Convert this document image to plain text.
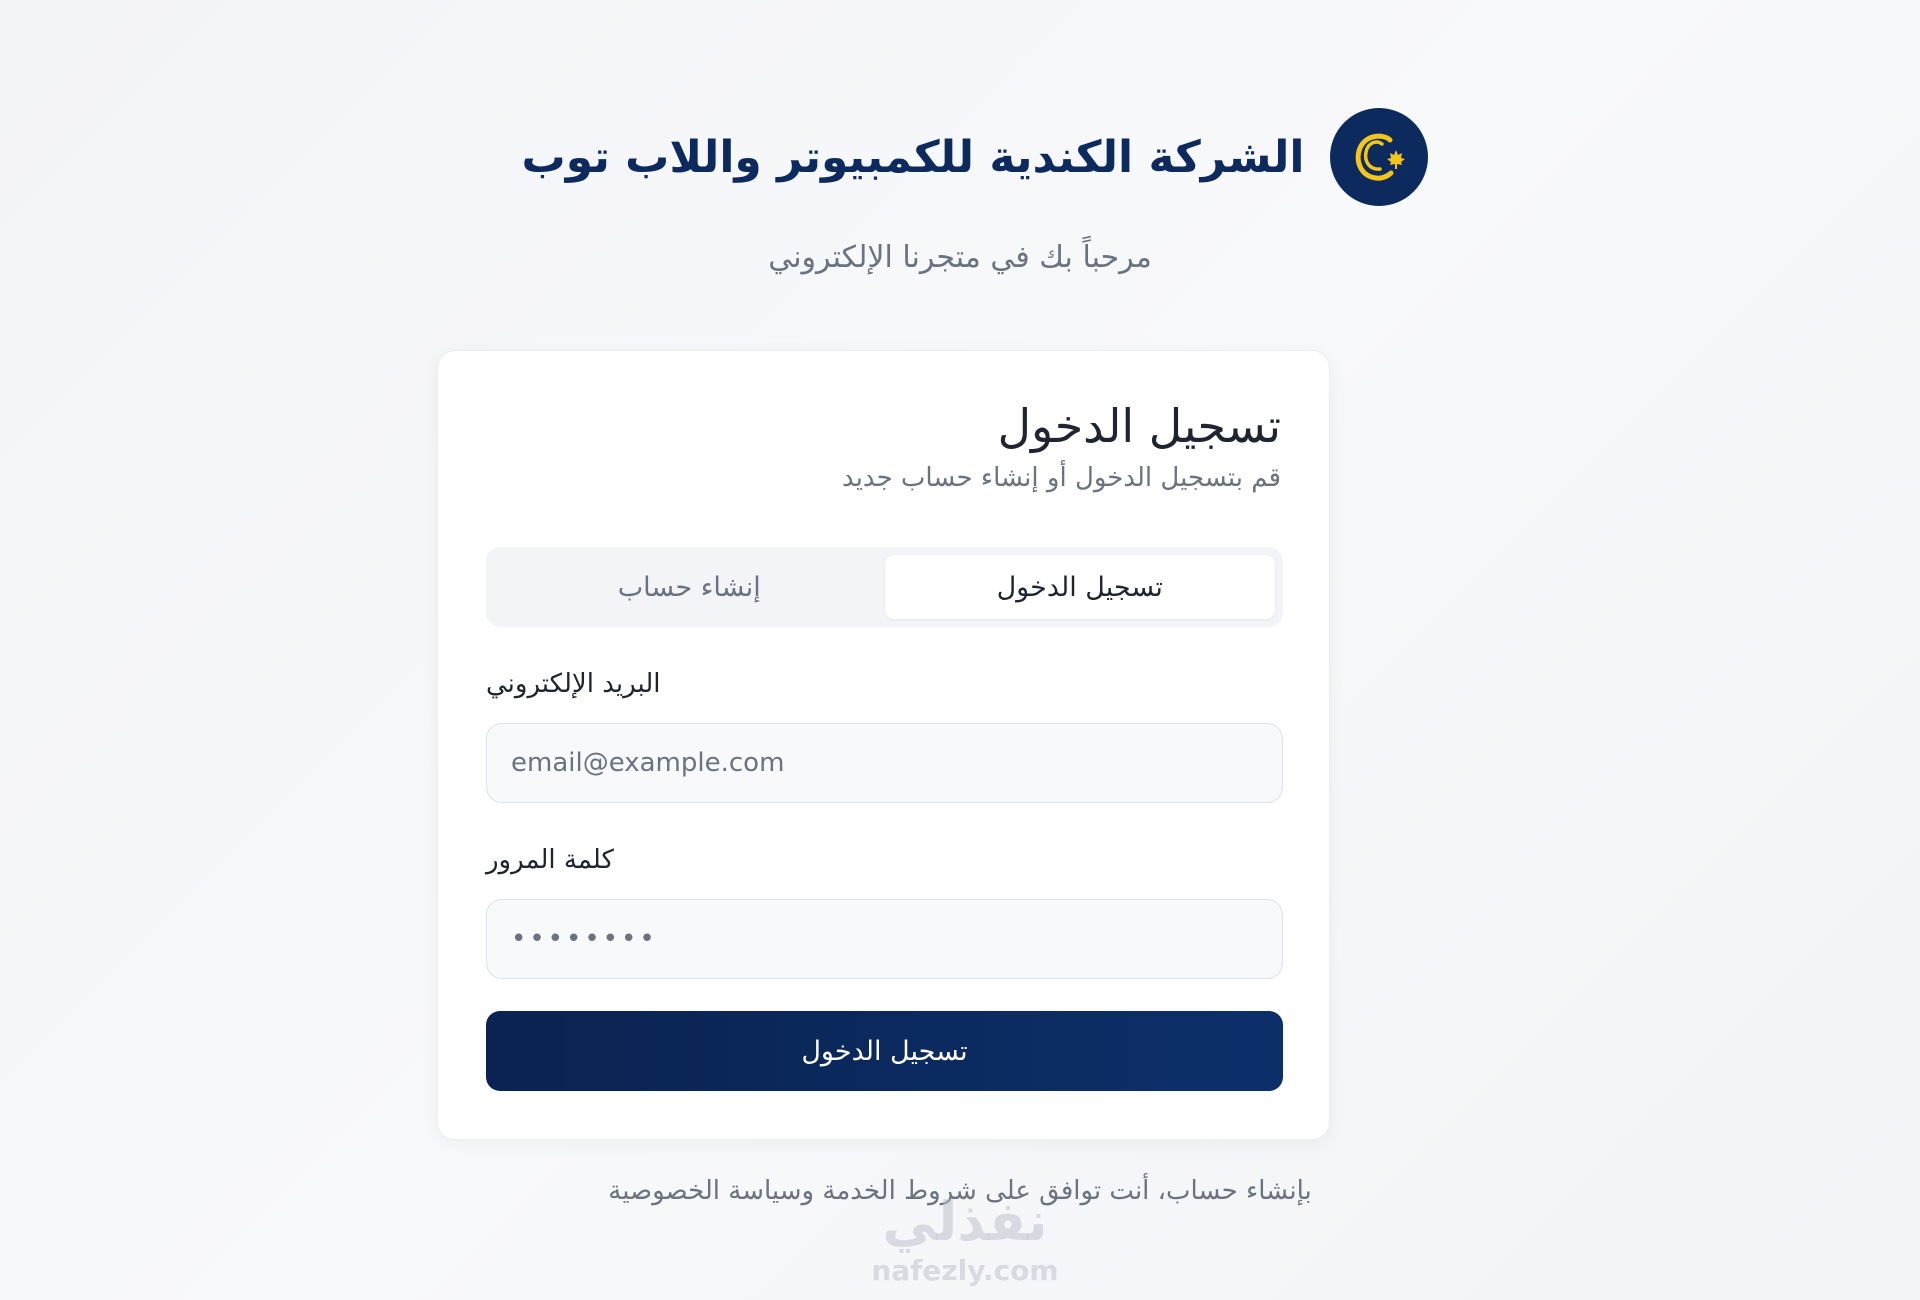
الشركة الكندية للكمبيوتر واللاب توب

مرحباً بك في متجرنا الإلكتروني

تسجيل الدخول

قم بتسجيل الدخول أو إنشاء حساب جديد

تسجيل الدخول
إنشاء حساب
البريد الإلكتروني
email@example.com
كلمة المرور
تسجيل الدخول

بإنشاء حساب، أنت توافق على شروط الخدمة وسياسة الخصوصية

نفذلي
nafezly.com
